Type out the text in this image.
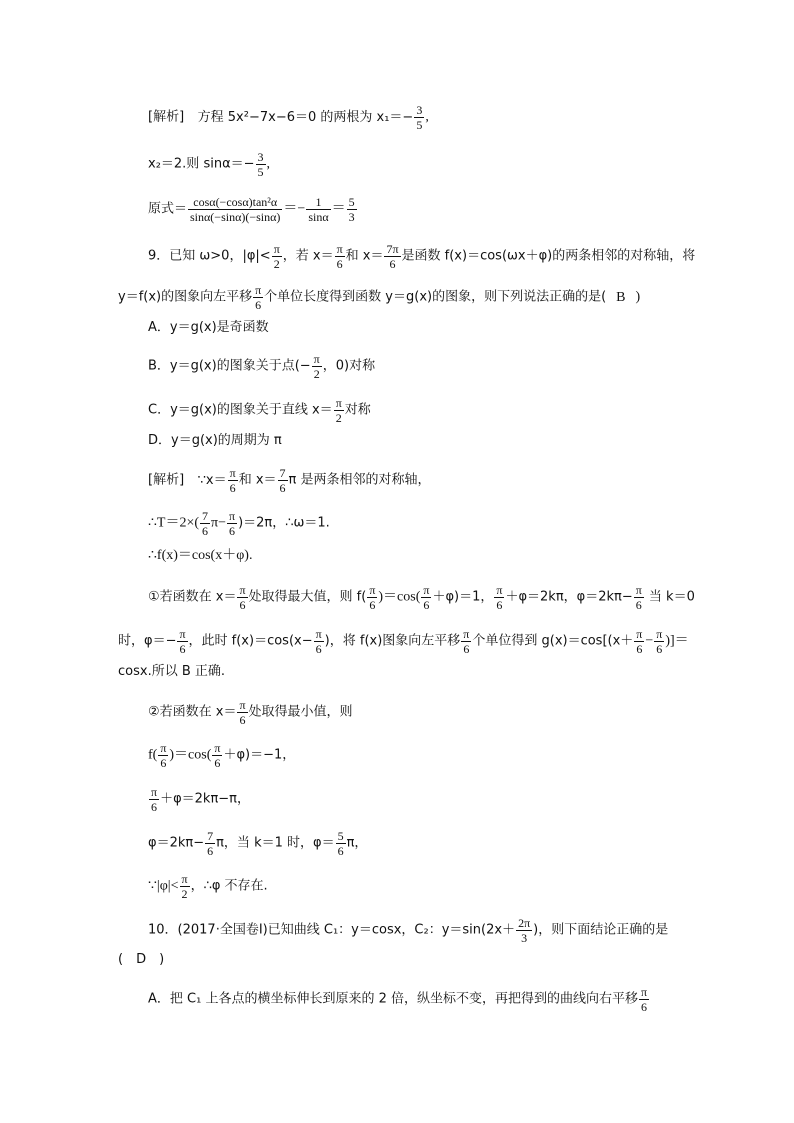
[解析] 方程 5x²−7x−6＝0 的两根为 $x_1=- \frac{3}{5}$ ,
x₂＝2.则 $\sin\alpha=- \frac{3}{5}$ ,
原式＝ $\frac{\text{cosα(−cosα)tan²α}}{\sin\alpha(-\sin\alpha)(-\sin\alpha)} =- \frac{1}{\sin\alpha} = \frac{5}{3}$
9．已知 ω>0，$|\varphi|< \frac{\pi}{2}$ ，若 $x= \frac{\pi}{6}$ 和 $x= \frac{7\pi}{6}$ 是函数 f(x)＝cos(ωx＋φ)的两条相邻的对称轴，将
y＝f(x)的图象向左平移 $\frac{\pi}{6}$ 个单位长度得到函数 y＝g(x)的图象，则下列说法正确的是( B )
A．y＝g(x)是奇函数
B．y＝g(x)的图象关于点(− $\frac{\pi}{2}$ ，0)对称
C．y＝g(x)的图象关于直线 $x= \frac{\pi}{2}$ 对称
D．y＝g(x)的周期为 π
[解析] ∵x＝ $\frac{\pi}{6}$ 和 $x= \frac{7}{6}$ π 是两条相邻的对称轴，
∴T＝2×( $\frac{7}{6} \pi- \frac{\pi}{6} )=2\pi$，∴ω＝1.
∴f(x)＝cos(x＋φ).
①若函数在 $x= \frac{\pi}{6}$ 处取得最大值，则 $f( \frac{\pi}{6} )=\cos( \frac{\pi}{6} +\varphi)=1$， $\frac{\pi}{6} +\varphi=2k\pi$，$\varphi=2k\pi- \frac{\pi}{6}$ 当 k＝0
时，$\varphi=- \frac{\pi}{6}$ ，此时 $f(x)=\cos(x- \frac{\pi}{6}$ )，将 f(x)图象向左平移 $\frac{\pi}{6}$ 个单位得到 $g(x)=\cos[(x+ \frac{\pi}{6} - \frac{\pi}{6}$ )]＝
cosx.所以 B 正确.
②若函数在 $x= \frac{\pi}{6}$ 处取得最小值，则
$f( \frac{\pi}{6} )=\cos( \frac{\pi}{6} +\varphi)=-1$，
$\frac{\pi}{6} +\varphi=2k\pi-\pi$，
$\varphi=2k\pi- \frac{7}{6}$ π，当 k＝1 时，$\varphi= \frac{5}{6}$ π，
∵|φ|< $\frac{\pi}{2}$ ，∴φ 不存在.
10．(2017·全国卷Ⅰ)已知曲线 C₁：y＝cosx，C₂：$y=\sin(2x+ \frac{2\pi}{3}$ )，则下面结论正确的是
(　D　)
A．把 C₁ 上各点的横坐标伸长到原来的 2 倍，纵坐标不变，再把得到的曲线向右平移 $\frac{\pi}{6}$
